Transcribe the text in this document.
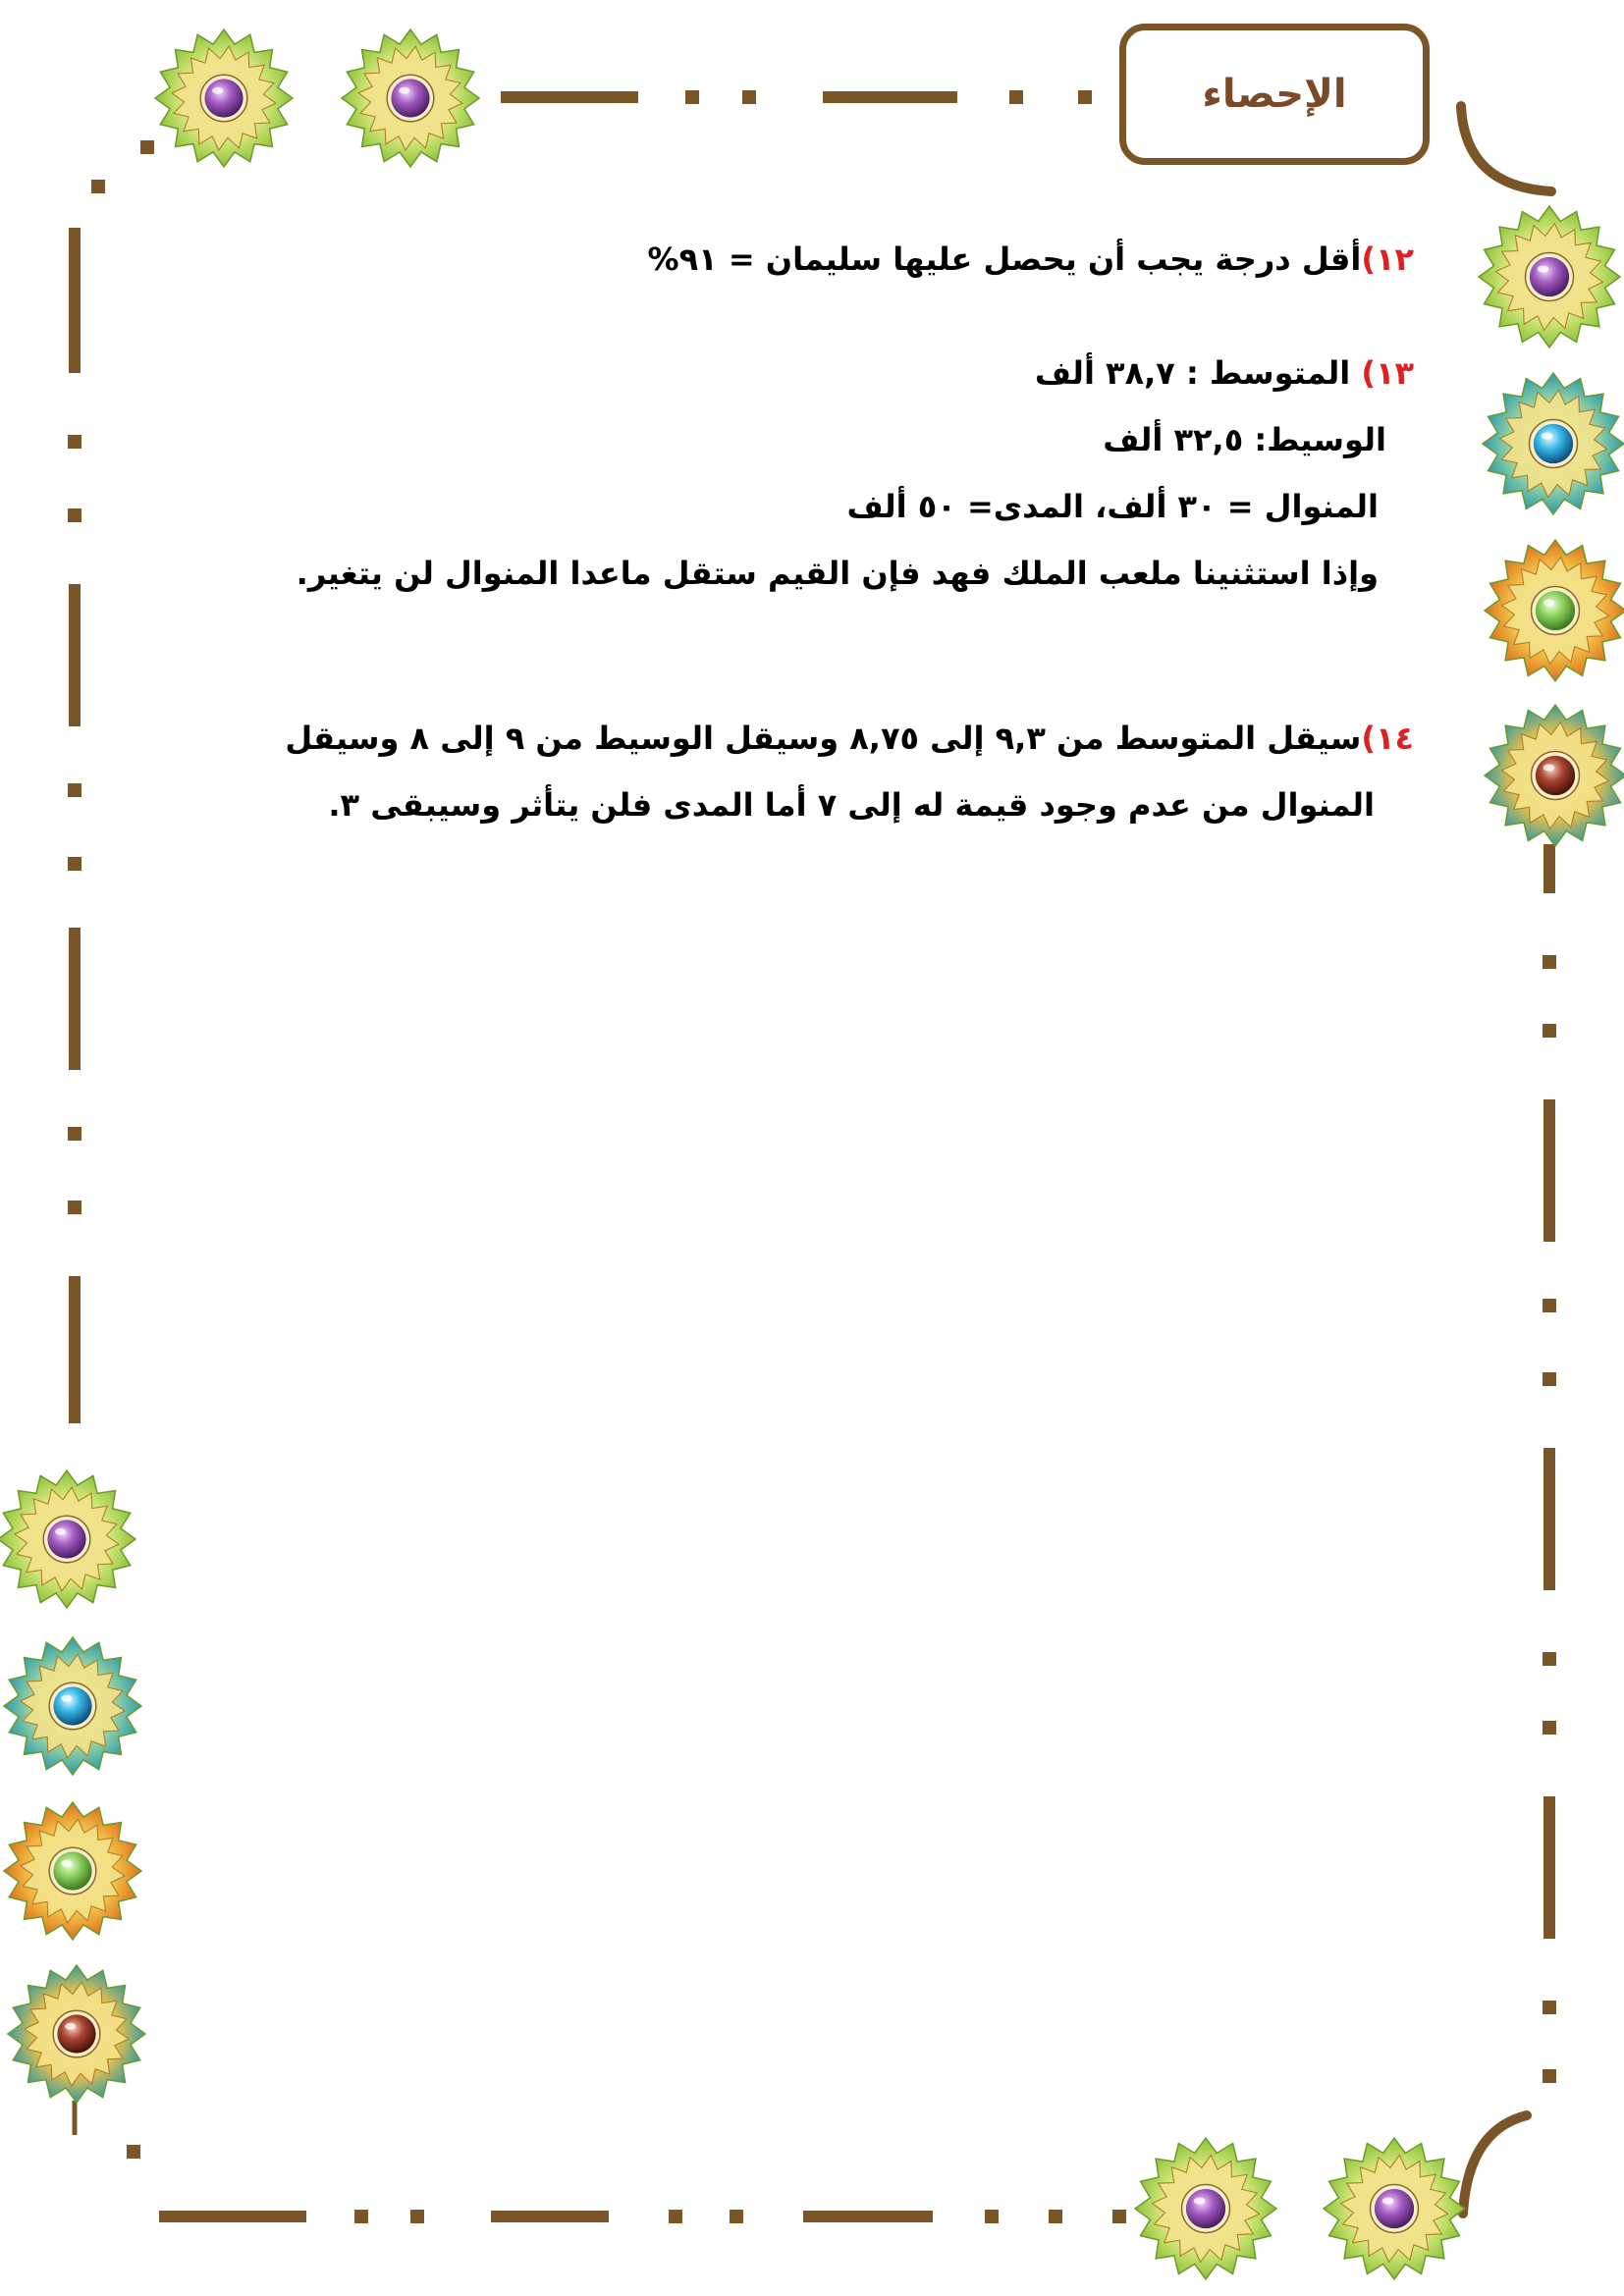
الإحصاء

١٢)أقل درجة يجب أن يحصل عليها سليمان = ٩١%

١٣) المتوسط : ٣٨,٧ ألف

الوسيط: ٣٢,٥ ألف

المنوال = ٣٠ ألف، المدى= ٥٠ ألف

وإذا استثنينا ملعب الملك فهد فإن القيم ستقل ماعدا المنوال لن يتغير.

١٤)سيقل المتوسط من ٩,٣ إلى ٨,٧٥ وسيقل الوسيط من ٩ إلى ٨ وسيقل

المنوال من عدم وجود قيمة له إلى ٧ أما المدى فلن يتأثر وسيبقى ٣.
